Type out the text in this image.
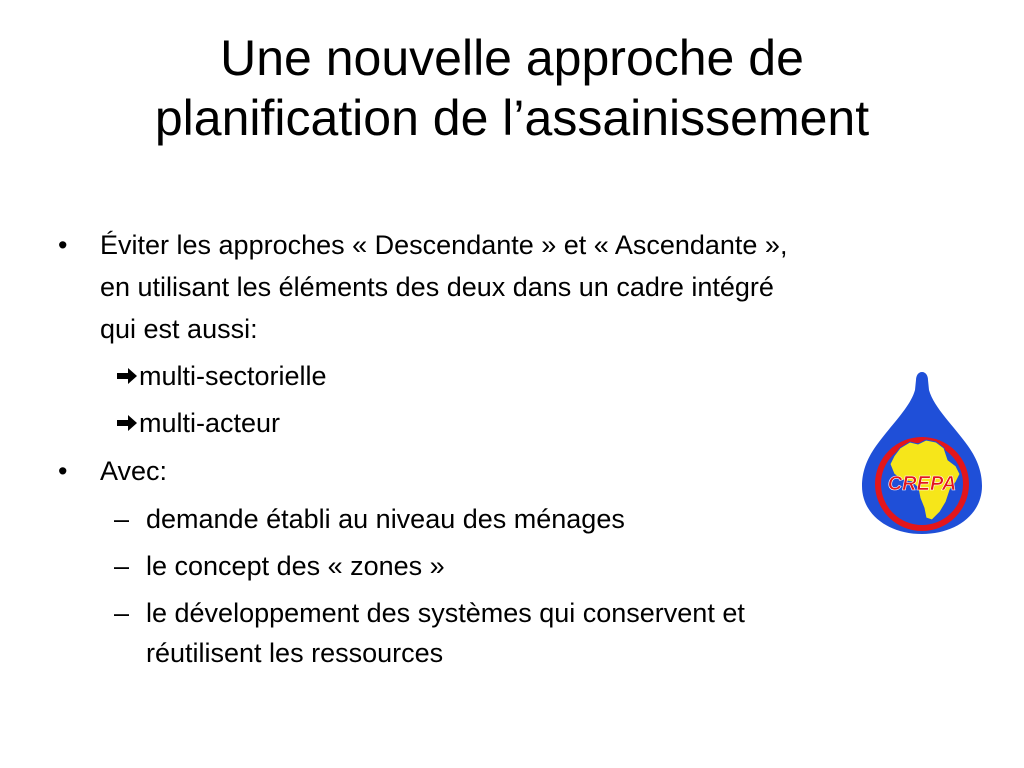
Une nouvelle approche de
planification de l’assainissement
• Éviter les approches « Descendante » et « Ascendante »,
en utilisant les éléments des deux dans un cadre intégré
qui est aussi:
multi-sectorielle
multi-acteur
• Avec:
– demande établi au niveau des ménages
– le concept des « zones »
– le développement des systèmes qui conservent et
réutilisent les ressources
CREPA
